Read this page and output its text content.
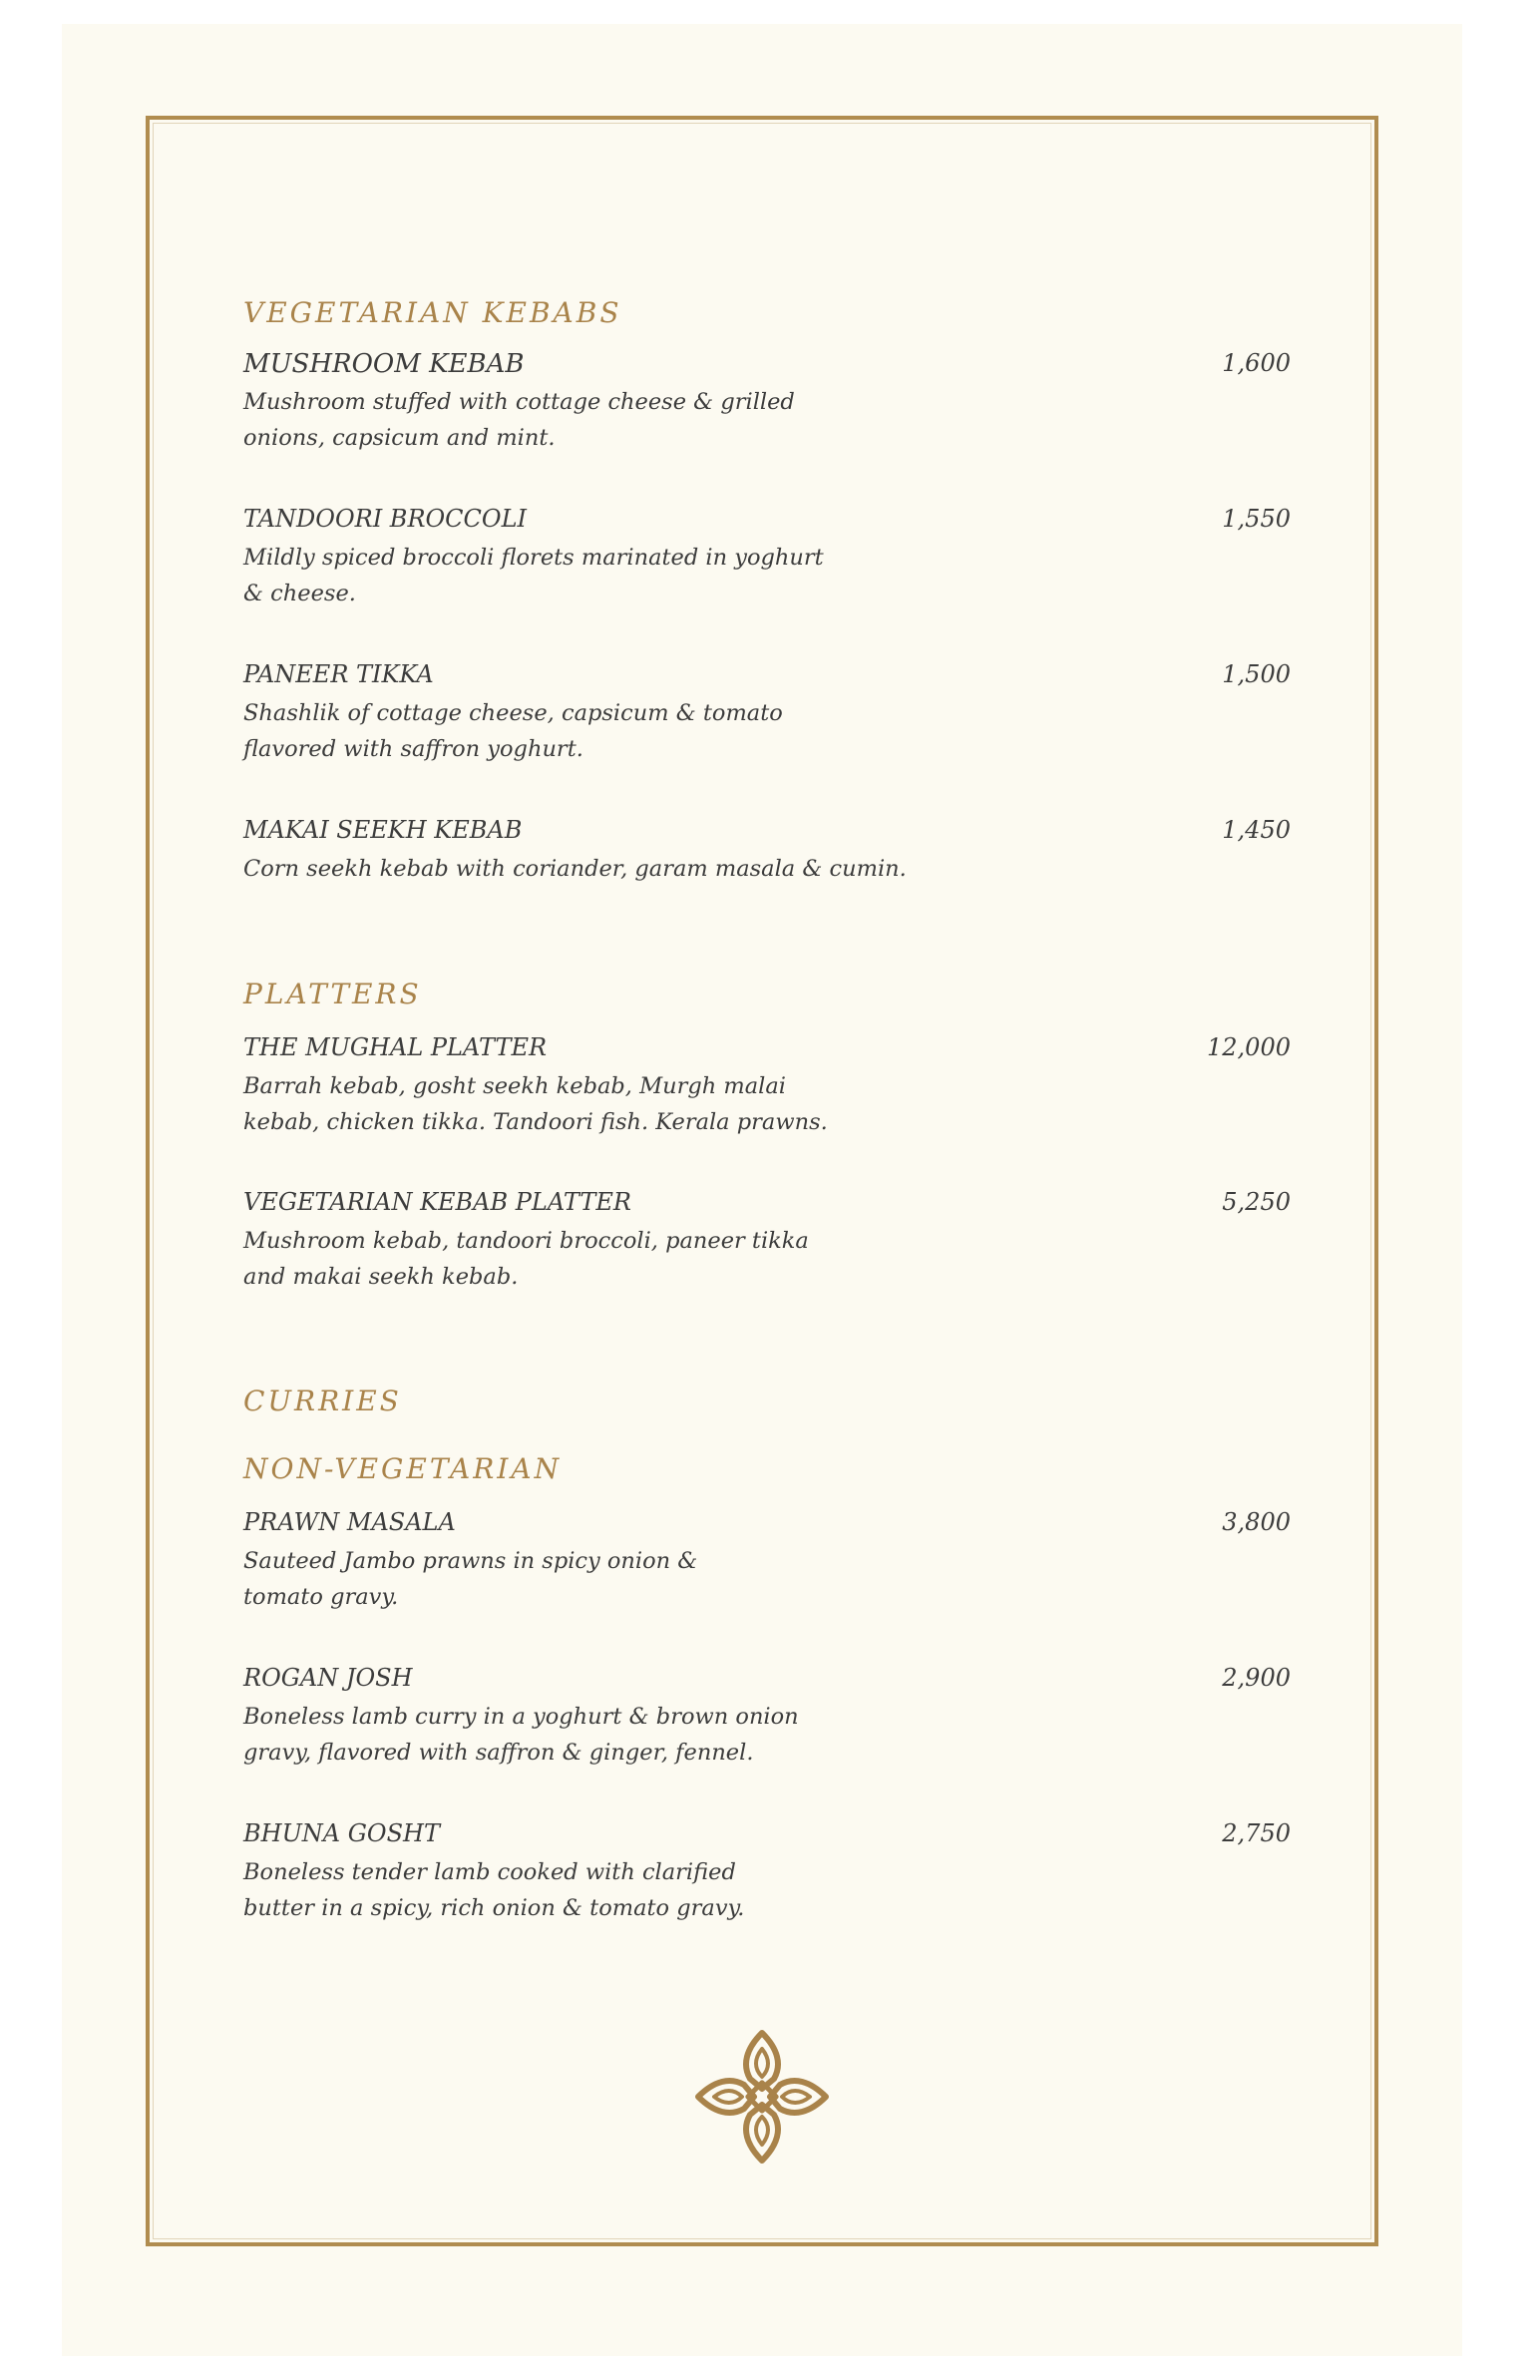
VEGETARIAN KEBABS
MUSHROOM KEBAB	1,600
Mushroom stuffed with cottage cheese & grilled
onions, capsicum and mint.
TANDOORI BROCCOLI	1,550
Mildly spiced broccoli florets marinated in yoghurt
& cheese.
PANEER TIKKA	1,500
Shashlik of cottage cheese, capsicum & tomato
flavored with saffron yoghurt.
MAKAI SEEKH KEBAB	1,450
Corn seekh kebab with coriander, garam masala & cumin.
PLATTERS
THE MUGHAL PLATTER	12,000
Barrah kebab, gosht seekh kebab, Murgh malai
kebab, chicken tikka. Tandoori fish. Kerala prawns.
VEGETARIAN KEBAB PLATTER	5,250
Mushroom kebab, tandoori broccoli, paneer tikka
and makai seekh kebab.
CURRIES
NON-VEGETARIAN
PRAWN MASALA	3,800
Sauteed Jambo prawns in spicy onion &
tomato gravy.
ROGAN JOSH	2,900
Boneless lamb curry in a yoghurt & brown onion
gravy, flavored with saffron & ginger, fennel.
BHUNA GOSHT	2,750
Boneless tender lamb cooked with clarified
butter in a spicy, rich onion & tomato gravy.
